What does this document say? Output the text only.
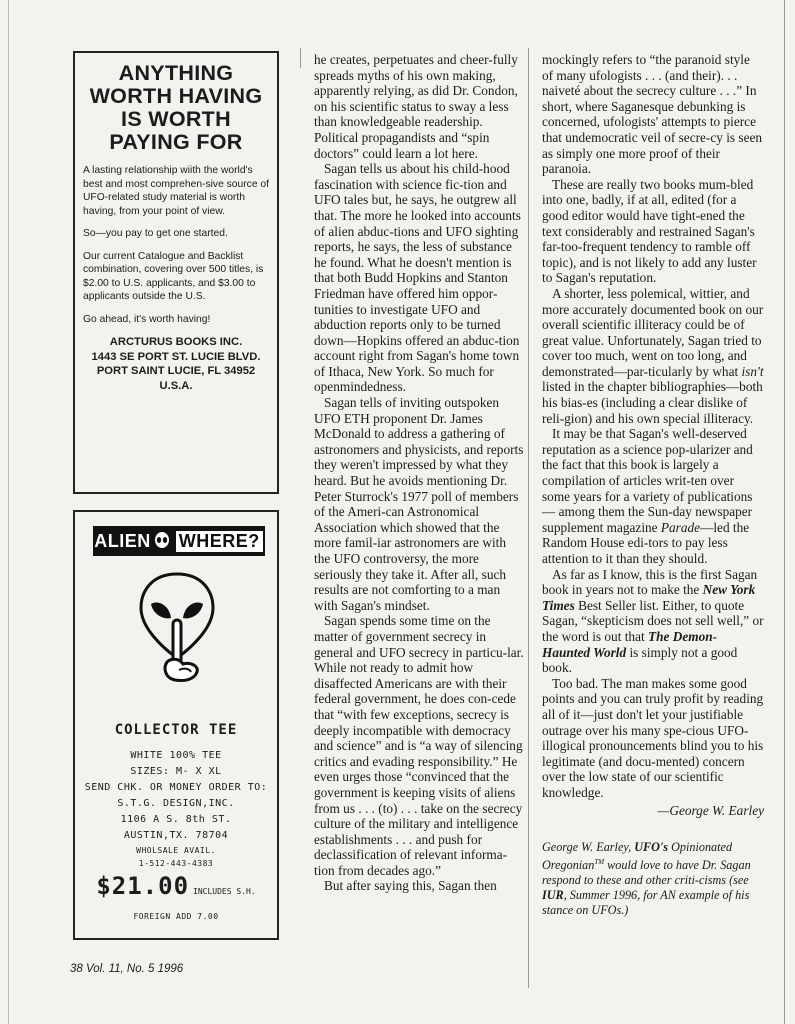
ANYTHING WORTH HAVING IS WORTH PAYING FOR

A lasting relationship wiith the world's best and most comprehen-sive source of UFO-related study material is worth having, from your point of view.

So—you pay to get one started.

Our current Catalogue and Backlist combination, covering over 500 titles, is $2.00 to U.S. applicants, and $3.00 to applicants outside the U.S.

Go ahead, it's worth having!

ARCTURUS BOOKS INC.
1443 SE PORT ST. LUCIE BLVD.
PORT SAINT LUCIE, FL 34952
U.S.A.
ALIEN WHERE?
COLLECTOR TEE
WHITE 100% TEE
SIZES: M- X XL
SEND CHK. OR MONEY ORDER TO:
S.T.G. DESIGN,INC.
1106 A S. 8th ST.
AUSTIN,TX. 78704
WHOLSALE AVAIL.
1-512-443-4383
$21.00 INCLUDES S.H.
FOREIGN ADD 7.00

he creates, perpetuates and cheer-fully spreads myths of his own making, apparently relying, as did Dr. Condon, on his scientific status to sway a less than knowledgeable readership. Political propagandists and “spin doctors” could learn a lot here.

Sagan tells us about his child-hood fascination with science fic-tion and UFO tales but, he says, he outgrew all that. The more he looked into accounts of alien abduc-tions and UFO sighting reports, he says, the less of substance he found. What he doesn't mention is that both Budd Hopkins and Stanton Friedman have offered him oppor-tunities to investigate UFO and abduction reports only to be turned down—Hopkins offered an abduc-tion account right from Sagan's home town of Ithaca, New York. So much for openmindedness.

Sagan tells of inviting outspoken UFO ETH proponent Dr. James McDonald to address a gathering of astronomers and physicists, and reports they weren't impressed by what they heard. But he avoids mentioning Dr. Peter Sturrock's 1977 poll of members of the Ameri-can Astronomical Association which showed that the more famil-iar astronomers are with the UFO controversy, the more seriously they take it. After all, such results are not comforting to a man with Sagan's mindset.

Sagan spends some time on the matter of government secrecy in general and UFO secrecy in particu-lar. While not ready to admit how disaffected Americans are with their federal government, he does con-cede that “with few exceptions, secrecy is deeply incompatible with democracy and science” and is “a way of silencing critics and evading responsibility.” He even urges those “convinced that the government is keeping visits of aliens from us . . . (to) . . . take on the secrecy culture of the military and intelligence establishments . . . and push for declassification of relevant informa-tion from decades ago.”

But after saying this, Sagan then

mockingly refers to “the paranoid style of many ufologists . . . (and their). . . naiveté about the secrecy culture . . .” In short, where Saganesque debunking is concerned, ufologists' attempts to pierce that undemocratic veil of secre-cy is seen as simply one more proof of their paranoia.

These are really two books mum-bled into one, badly, if at all, edited (for a good editor would have tight-ened the text considerably and restrained Sagan's far-too-frequent tendency to ramble off topic), and is not likely to add any luster to Sagan's reputation.

A shorter, less polemical, wittier, and more accurately documented book on our overall scientific illiteracy could be of great value. Unfortunately, Sagan tried to cover too much, went on too long, and demonstrated—par-ticularly by what isn't listed in the chapter bibliographies—both his bias-es (including a clear dislike of reli-gion) and his own special illiteracy.

It may be that Sagan's well-deserved reputation as a science pop-ularizer and the fact that this book is largely a compilation of articles writ-ten over some years for a variety of publications — among them the Sun-day newspaper supplement magazine Parade—led the Random House edi-tors to pay less attention to it than they should.

As far as I know, this is the first Sagan book in years not to make the New York Times Best Seller list. Either, to quote Sagan, “skepticism does not sell well,” or the word is out that The Demon-Haunted World is simply not a good book.

Too bad. The man makes some good points and you can truly profit by reading all of it—just don't let your justifiable outrage over his many spe-cious UFO-illogical pronouncements blind you to his legitimate (and docu-mented) concern over the low state of our scientific knowledge.

—George W. Earley
George W. Earley, UFO's Opinionated Oregonian™ would love to have Dr. Sagan respond to these and other criti-cisms (see IUR, Summer 1996, for AN example of his stance on UFOs.)
38 Vol. 11, No. 5 1996
